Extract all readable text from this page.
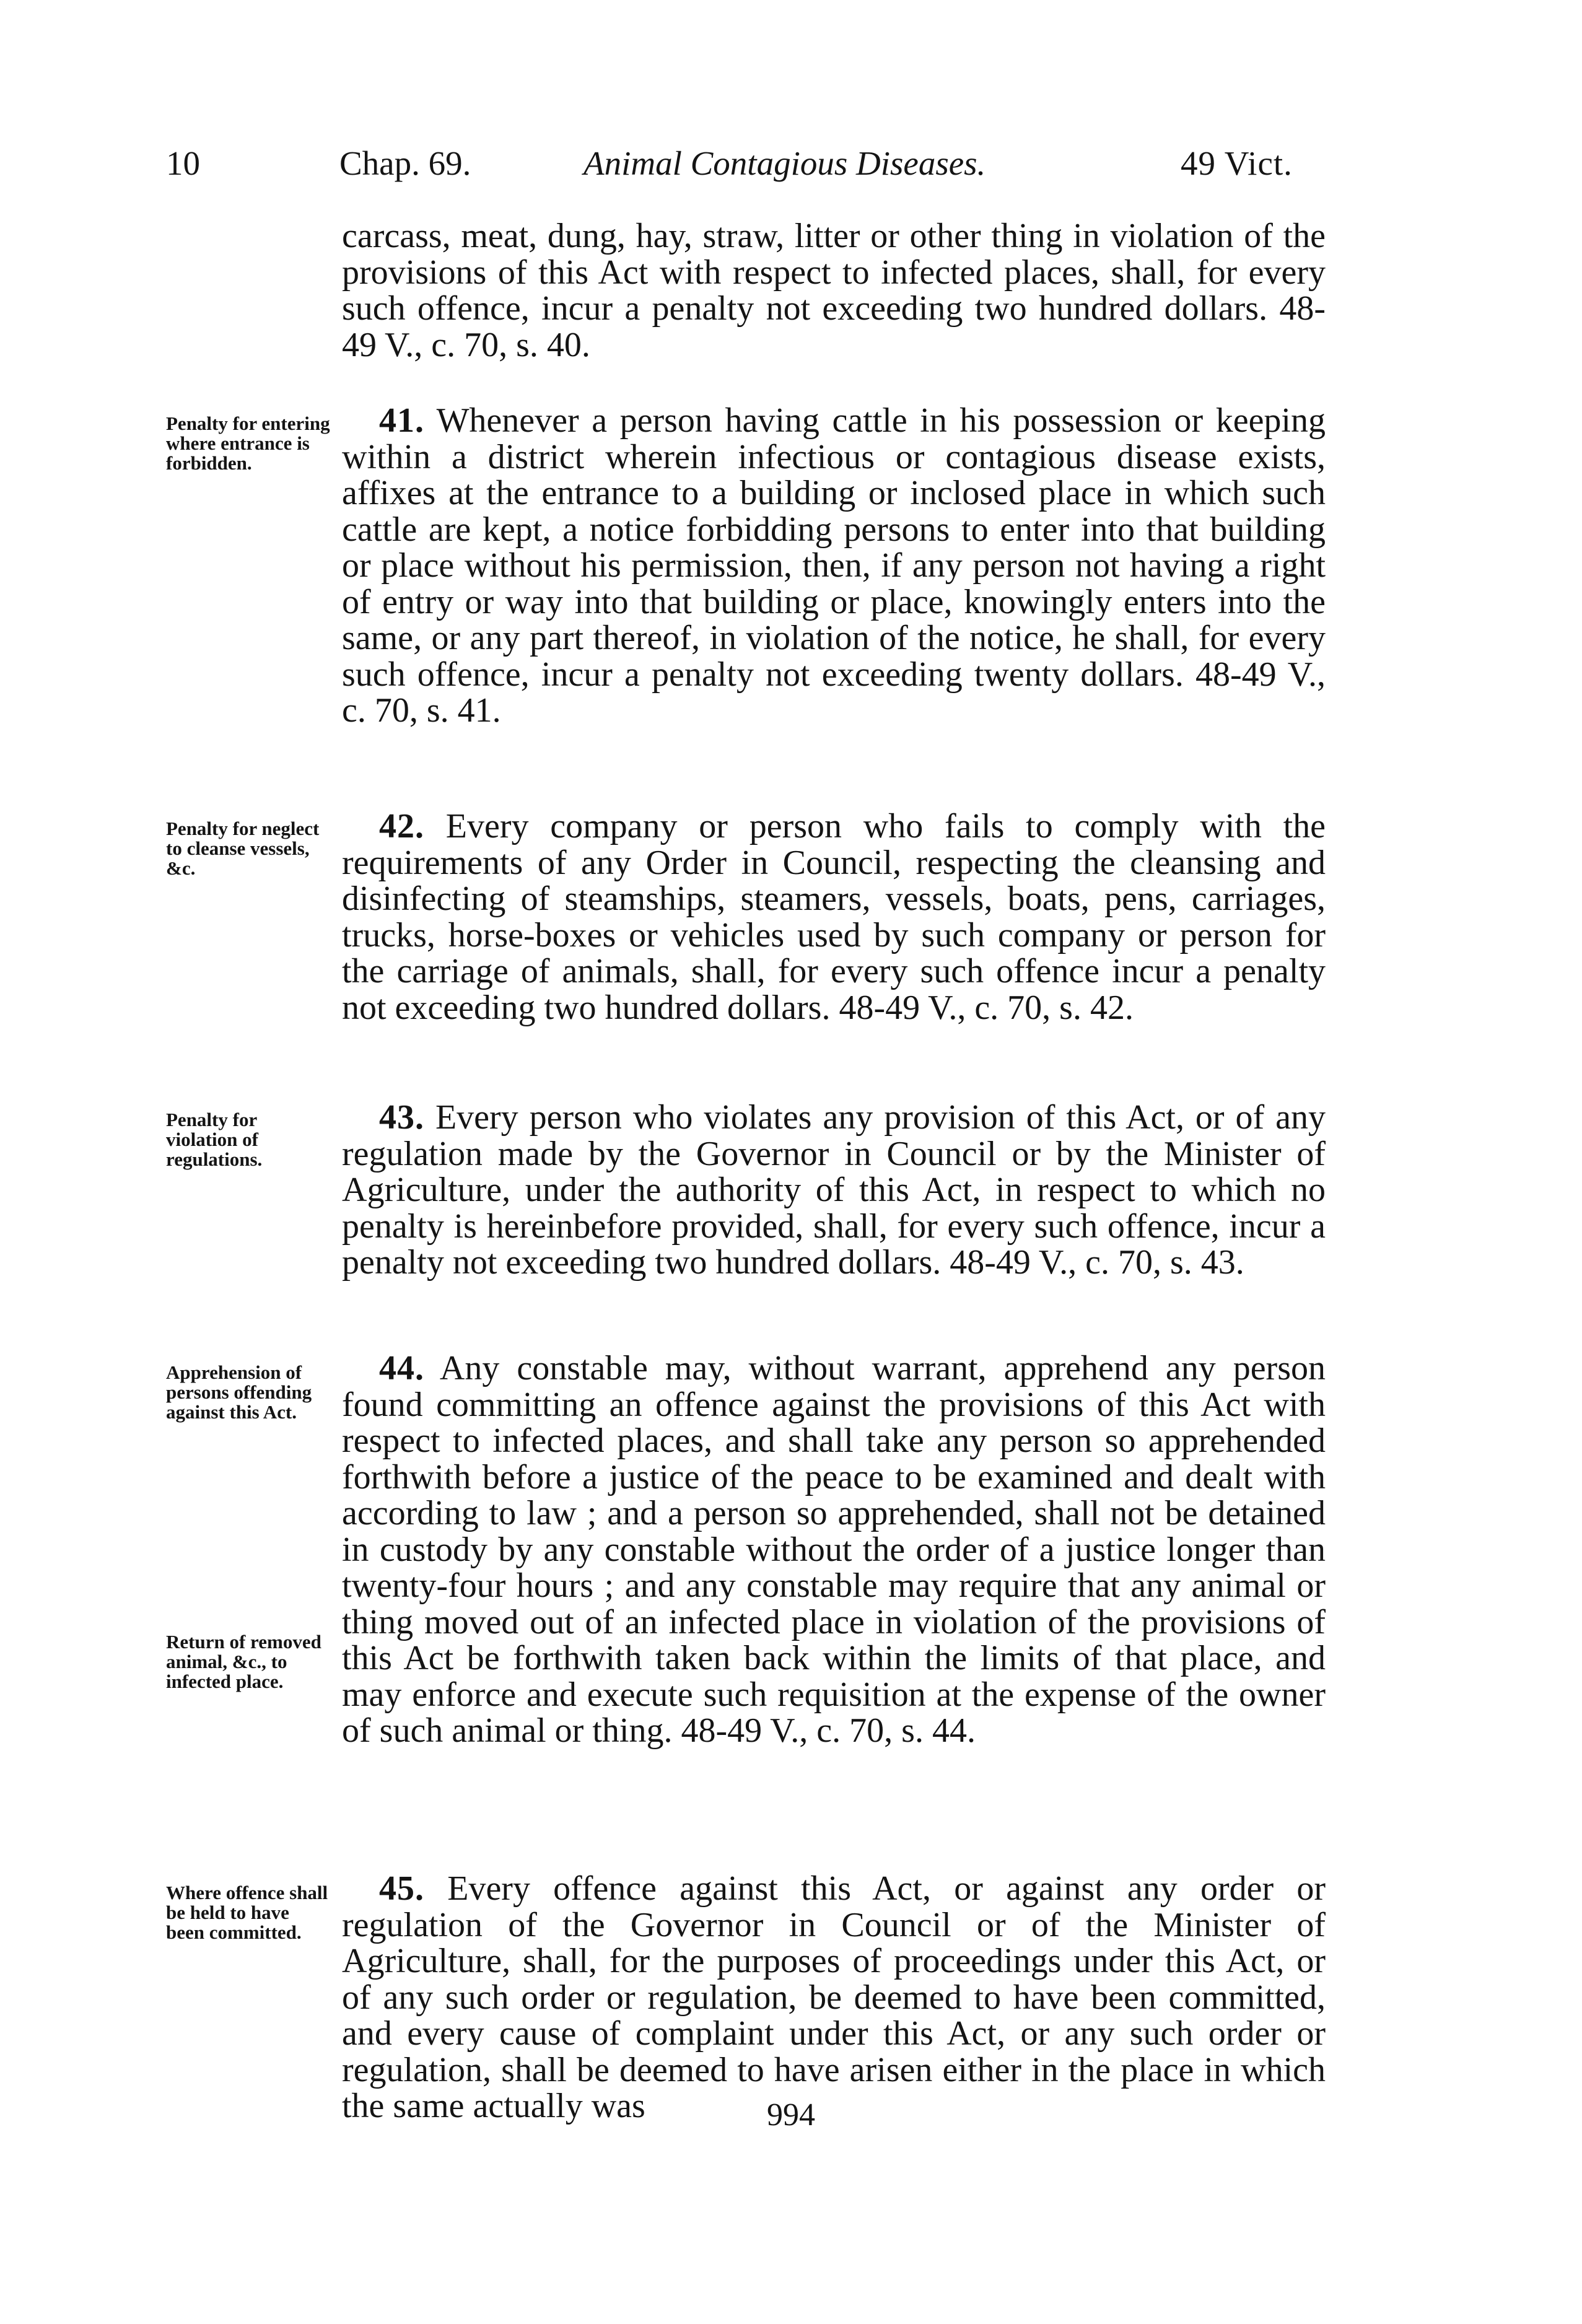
10	Chap. 69.	Animal Contagious Diseases.	49 Vict.

carcass, meat, dung, hay, straw, litter or other thing in violation of the provisions of this Act with respect to infected places, shall, for every such offence, incur a penalty not exceeding two hundred dollars. 48-49 V., c. 70, s. 40.

41. Whenever a person having cattle in his possession or keeping within a district wherein infectious or contagious disease exists, affixes at the entrance to a building or inclosed place in which such cattle are kept, a notice forbidding persons to enter into that building or place without his permission, then, if any person not having a right of entry or way into that building or place, knowingly enters into the same, or any part thereof, in violation of the notice, he shall, for every such offence, incur a penalty not exceeding twenty dollars. 48-49 V., c. 70, s. 41.

42. Every company or person who fails to comply with the requirements of any Order in Council, respecting the cleansing and disinfecting of steamships, steamers, vessels, boats, pens, carriages, trucks, horse-boxes or vehicles used by such company or person for the carriage of animals, shall, for every such offence incur a penalty not exceeding two hundred dollars. 48-49 V., c. 70, s. 42.

43. Every person who violates any provision of this Act, or of any regulation made by the Governor in Council or by the Minister of Agriculture, under the authority of this Act, in respect to which no penalty is hereinbefore provided, shall, for every such offence, incur a penalty not exceeding two hundred dollars. 48-49 V., c. 70, s. 43.

44. Any constable may, without warrant, apprehend any person found committing an offence against the provisions of this Act with respect to infected places, and shall take any person so apprehended forthwith before a justice of the peace to be examined and dealt with according to law ; and a person so apprehended, shall not be detained in custody by any constable without the order of a justice longer than twenty-four hours ; and any constable may require that any animal or thing moved out of an infected place in violation of the provisions of this Act be forthwith taken back within the limits of that place, and may enforce and execute such requisition at the expense of the owner of such animal or thing. 48-49 V., c. 70, s. 44.

45. Every offence against this Act, or against any order or regulation of the Governor in Council or of the Minister of Agriculture, shall, for the purposes of proceedings under this Act, or of any such order or regulation, be deemed to have been committed, and every cause of complaint under this Act, or any such order or regulation, shall be deemed to have arisen either in the place in which the same actually was

Penalty for entering where entrance is forbidden.
Penalty for neglect to cleanse vessels, &c.
Penalty for violation of regulations.
Apprehension of persons offending against this Act.
Return of removed animal, &c., to infected place.
Where offence shall be held to have been committed.
994
